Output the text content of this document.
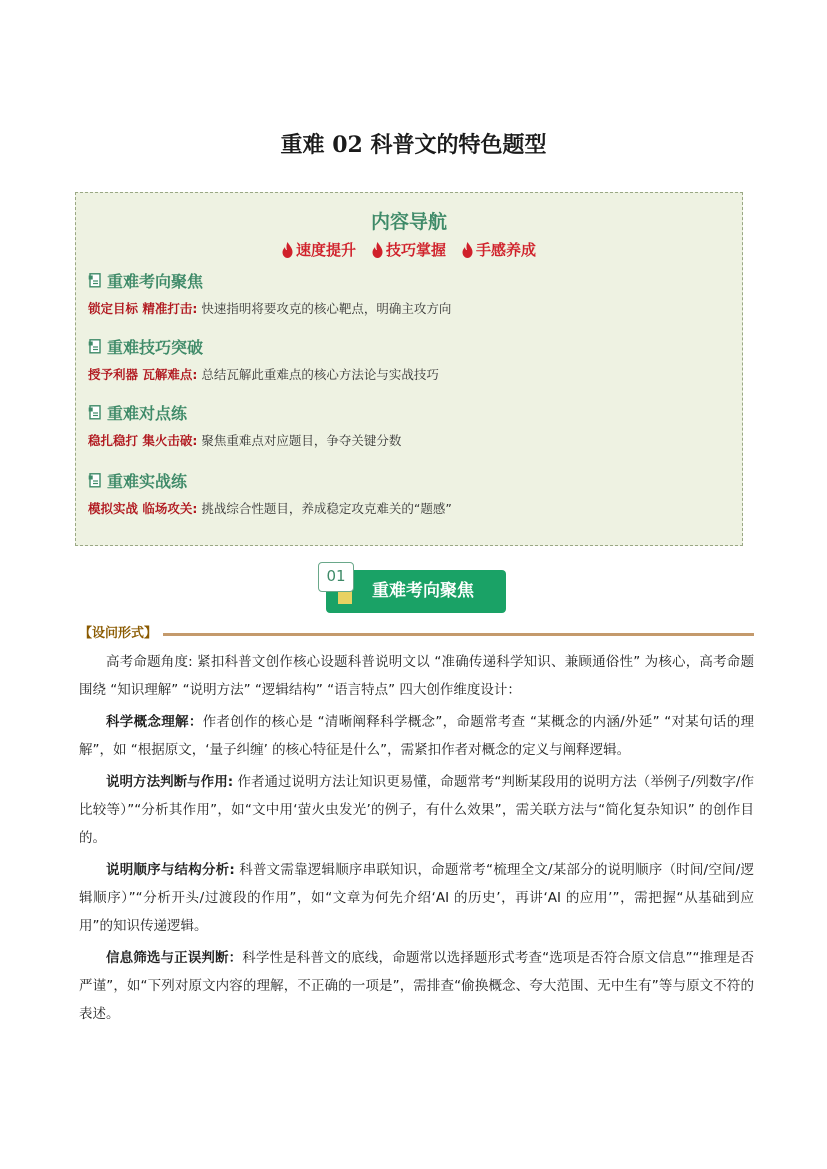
重难 02 科普文的特色题型
内容导航
速度提升 技巧掌握 手感养成
重难考向聚焦
锁定目标 精准打击: 快速指明将要攻克的核心靶点，明确主攻方向
重难技巧突破
授予利器 瓦解难点: 总结瓦解此重难点的核心方法论与实战技巧
重难对点练
稳扎稳打 集火击破: 聚焦重难点对应题目，争夺关键分数
重难实战练
模拟实战 临场攻关: 挑战综合性题目，养成稳定攻克难关的“题感”
重难考向聚焦
01
【设问形式】

高考命题角度: 紧扣科普文创作核心设题科普说明文以 “准确传递科学知识、兼顾通俗性” 为核心，高考命题围绕 “知识理解” “说明方法” “逻辑结构” “语言特点” 四大创作维度设计：

科学概念理解：作者创作的核心是 “清晰阐释科学概念”，命题常考查 “某概念的内涵/外延” “对某句话的理解”，如 “根据原文，‘量子纠缠’ 的核心特征是什么”，需紧扣作者对概念的定义与阐释逻辑。

说明方法判断与作用: 作者通过说明方法让知识更易懂，命题常考“判断某段用的说明方法（举例子/列数字/作比较等）”“分析其作用”，如“文中用‘萤火虫发光’的例子，有什么效果”，需关联方法与“简化复杂知识” 的创作目的。

说明顺序与结构分析: 科普文需靠逻辑顺序串联知识，命题常考“梳理全文/某部分的说明顺序（时间/空间/逻辑顺序）”“分析开头/过渡段的作用”，如“文章为何先介绍‘AI 的历史’，再讲‘AI 的应用’”，需把握“从基础到应用”的知识传递逻辑。

信息筛选与正误判断：科学性是科普文的底线，命题常以选择题形式考查“选项是否符合原文信息”“推理是否严谨”，如“下列对原文内容的理解，不正确的一项是”，需排查“偷换概念、夸大范围、无中生有”等与原文不符的表述。
